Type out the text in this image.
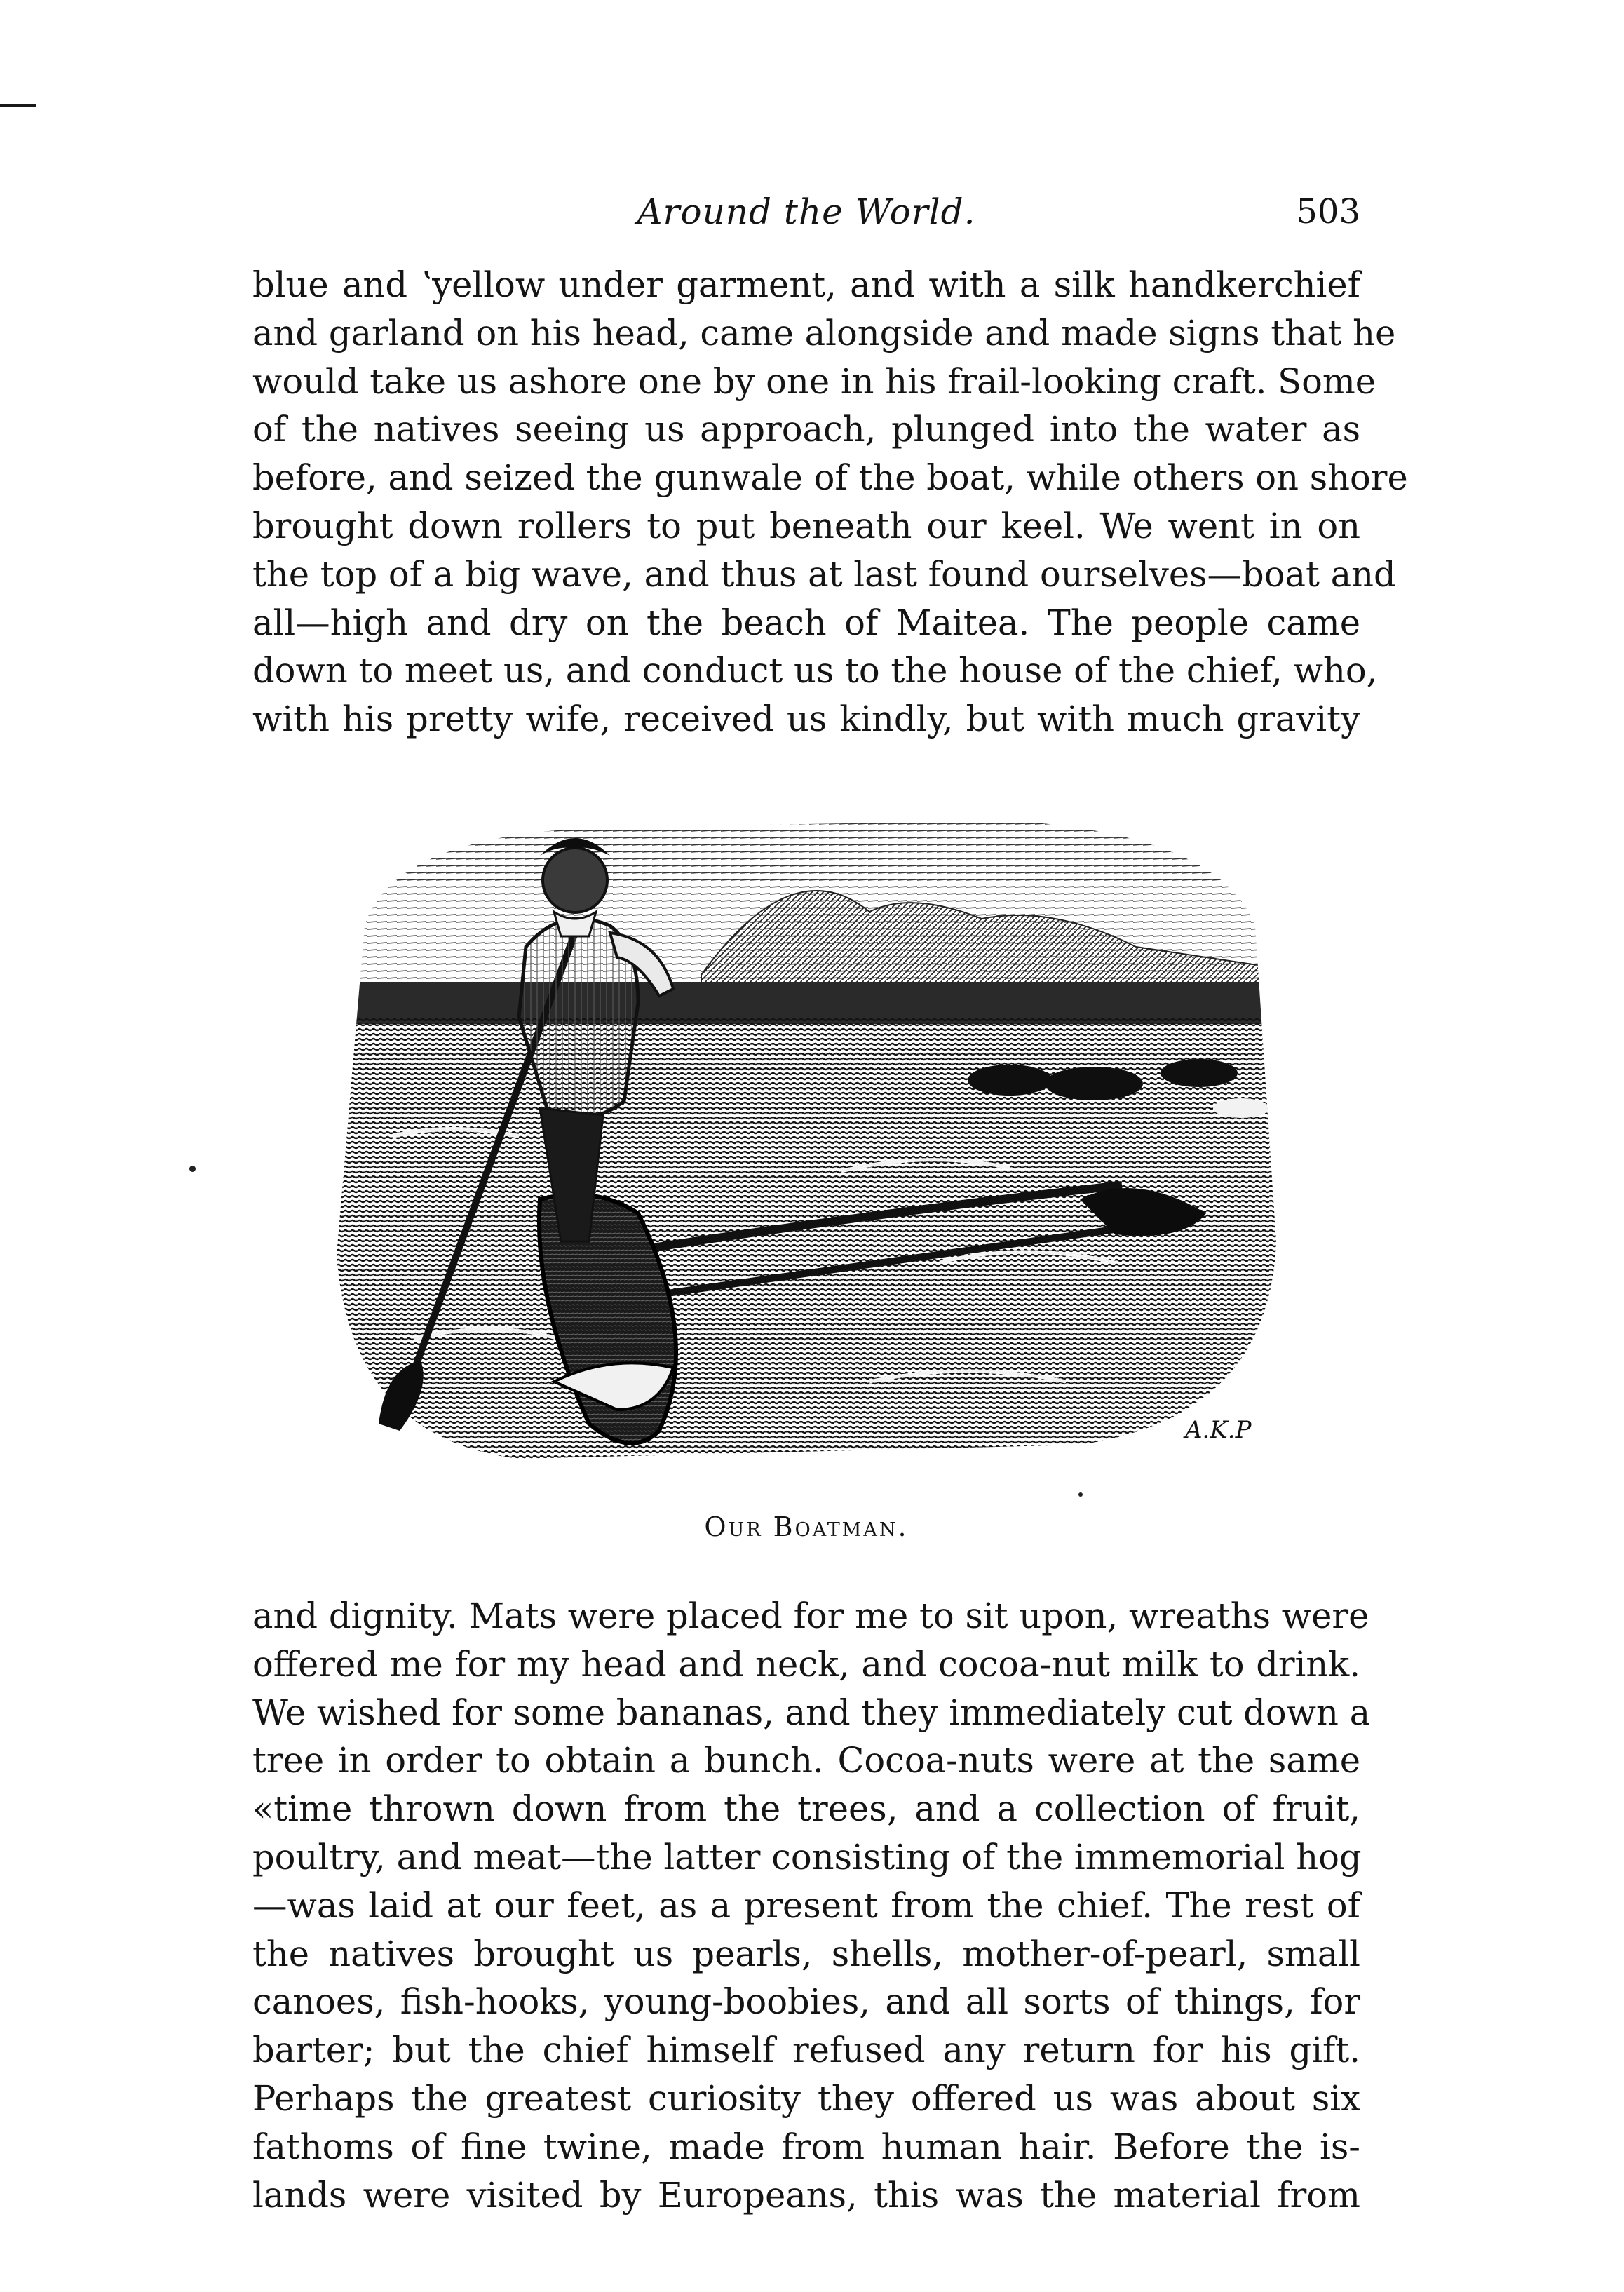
Around the World.	503
blue and ʽyellow under garment, and with a silk handkerchief
and garland on his head, came alongside and made signs that he
would take us ashore one by one in his frail-looking craft. Some
of the natives seeing us approach, plunged into the water as
before, and seized the gunwale of the boat, while others on shore
brought down rollers to put beneath our keel. We went in on
the top of a big wave, and thus at last found ourselves—boat and
all—high and dry on the beach of Maitea. The people came
down to meet us, and conduct us to the house of the chief, who,
with his pretty wife, received us kindly, but with much gravity
A.K.P
Our Boatman.
and dignity. Mats were placed for me to sit upon, wreaths were
offered me for my head and neck, and cocoa-nut milk to drink.
We wished for some bananas, and they immediately cut down a
tree in order to obtain a bunch. Cocoa-nuts were at the same
«time thrown down from the trees, and a collection of fruit,
poultry, and meat—the latter consisting of the immemorial hog
—was laid at our feet, as a present from the chief. The rest of
the natives brought us pearls, shells, mother-of-pearl, small
canoes, fish-hooks, young-boobies, and all sorts of things, for
barter; but the chief himself refused any return for his gift.
Perhaps the greatest curiosity they offered us was about six
fathoms of fine twine, made from human hair. Before the is-
lands were visited by Europeans, this was the material from
